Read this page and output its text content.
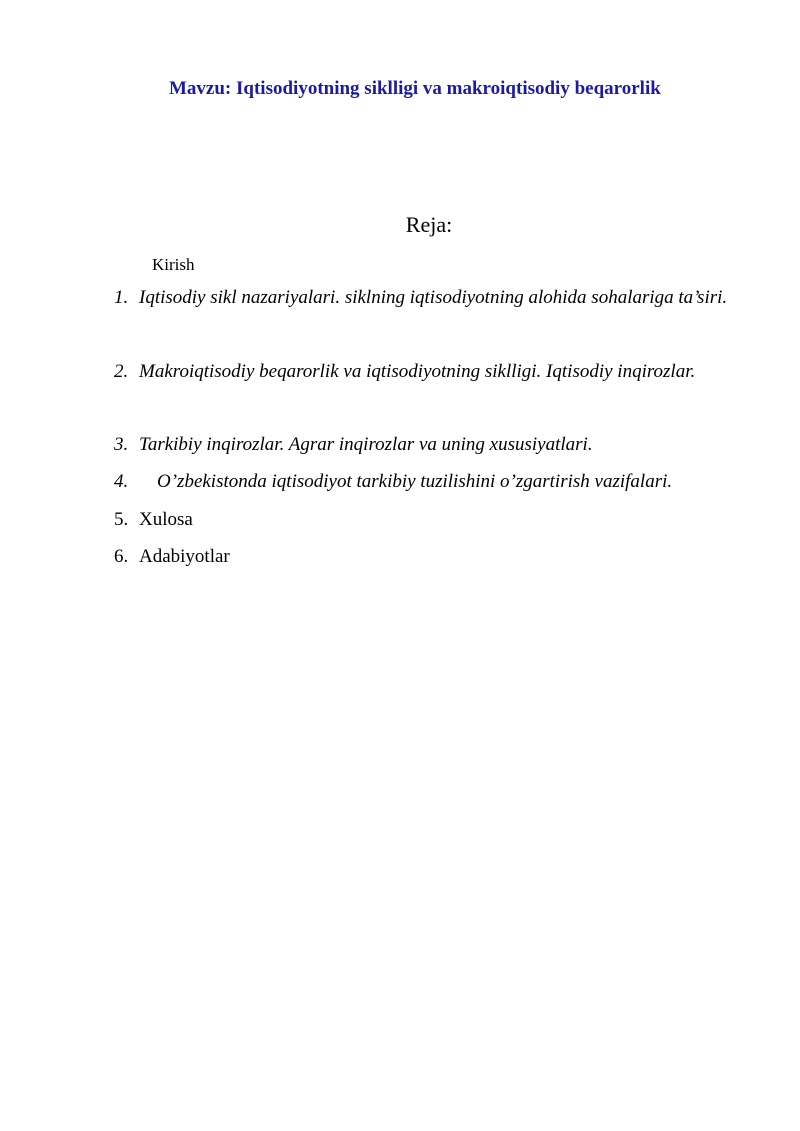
Mavzu: Iqtisodiyotning siklligi va makroiqtisodiy beqarorlik
Reja:
Kirish
1. Iqtisodiy sikl nazariyalari. siklning iqtisodiyotning alohida sohalariga ta’siri.
2. Makroiqtisodiy beqarorlik va iqtisodiyotning siklligi. Iqtisodiy inqirozlar.
3. Tarkibiy inqirozlar. Agrar inqirozlar va uning xususiyatlari.
4. O’zbekistonda iqtisodiyot tarkibiy tuzilishini o’zgartirish vazifalari.
5. Xulosa
6. Adabiyotlar
